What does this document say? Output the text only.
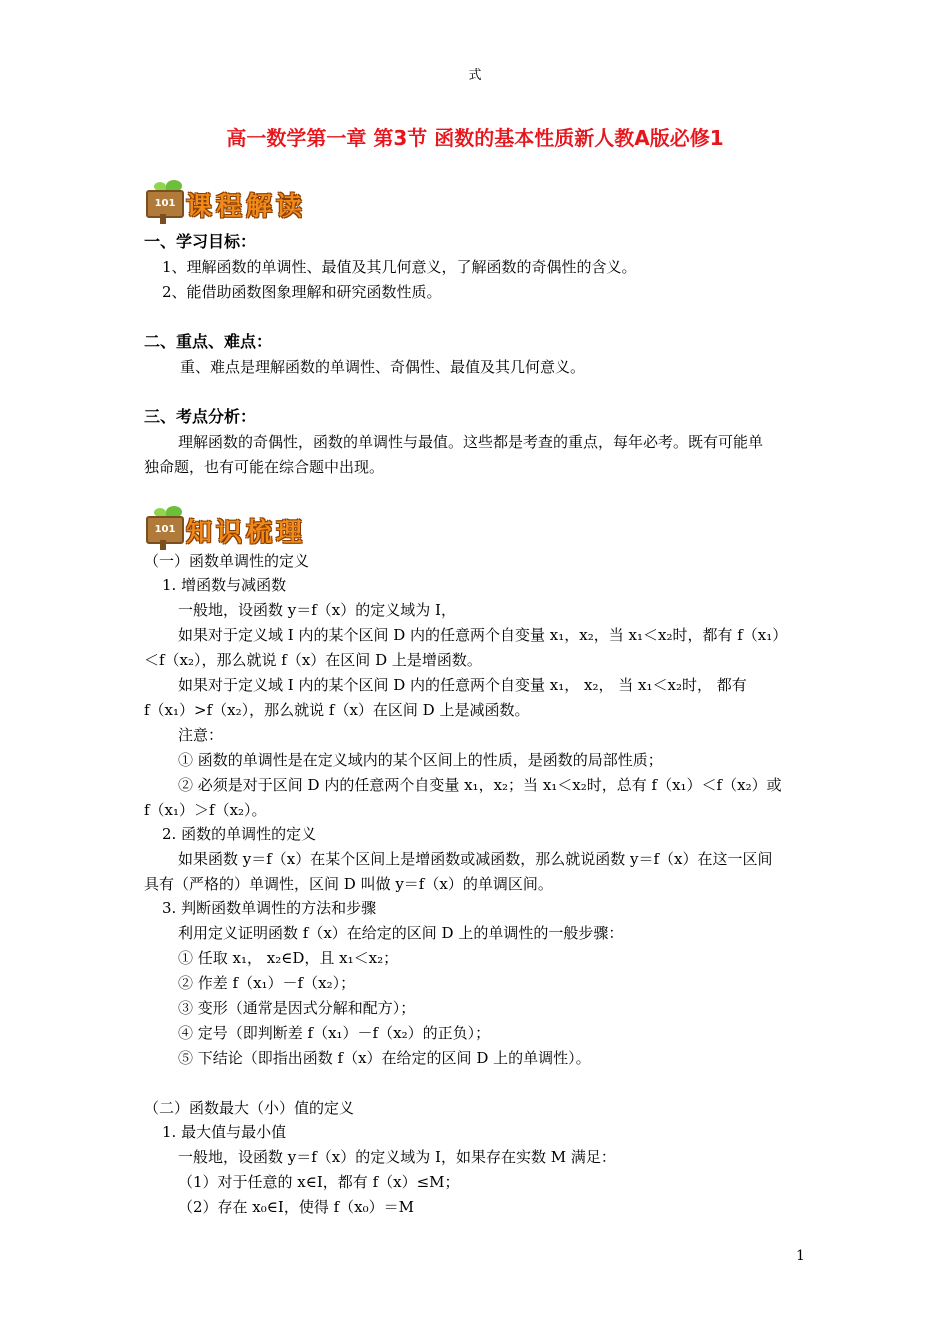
式
高一数学第一章 第3节 函数的基本性质新人教A版必修1
101 课程解读
一、学习目标：
1、理解函数的单调性、最值及其几何意义，了解函数的奇偶性的含义。
2、能借助函数图象理解和研究函数性质。
二、重点、难点：
重、难点是理解函数的单调性、奇偶性、最值及其几何意义。
三、考点分析：
理解函数的奇偶性，函数的单调性与最值。这些都是考查的重点，每年必考。既有可能单
独命题，也有可能在综合题中出现。
101 知识梳理
（一）函数单调性的定义
1. 增函数与减函数
一般地，设函数 y＝f（x）的定义域为 I，
如果对于定义域 I 内的某个区间 D 内的任意两个自变量 x₁，x₂，当 x₁＜x₂时，都有 f（x₁）
＜f（x₂），那么就说 f（x）在区间 D 上是增函数。
如果对于定义域 I 内的某个区间 D 内的任意两个自变量 x₁， x₂， 当 x₁＜x₂时， 都有
f（x₁）>f（x₂），那么就说 f（x）在区间 D 上是减函数。
注意：
① 函数的单调性是在定义域内的某个区间上的性质，是函数的局部性质；
② 必须是对于区间 D 内的任意两个自变量 x₁，x₂；当 x₁＜x₂时，总有 f（x₁）＜f（x₂）或
f（x₁）＞f（x₂）。
2. 函数的单调性的定义
如果函数 y＝f（x）在某个区间上是增函数或减函数，那么就说函数 y＝f（x）在这一区间
具有（严格的）单调性，区间 D 叫做 y＝f（x）的单调区间。
3. 判断函数单调性的方法和步骤
利用定义证明函数 f（x）在给定的区间 D 上的单调性的一般步骤：
① 任取 x₁， x₂∈D，且 x₁＜x₂；
② 作差 f（x₁）－f（x₂）；
③ 变形（通常是因式分解和配方）；
④ 定号（即判断差 f（x₁）－f（x₂）的正负）；
⑤ 下结论（即指出函数 f（x）在给定的区间 D 上的单调性）。
（二）函数最大（小）值的定义
1. 最大值与最小值
一般地，设函数 y＝f（x）的定义域为 I，如果存在实数 M 满足：
（1）对于任意的 x∈I，都有 f（x）≤M；
（2）存在 x₀∈I，使得 f（x₀）＝M
1
